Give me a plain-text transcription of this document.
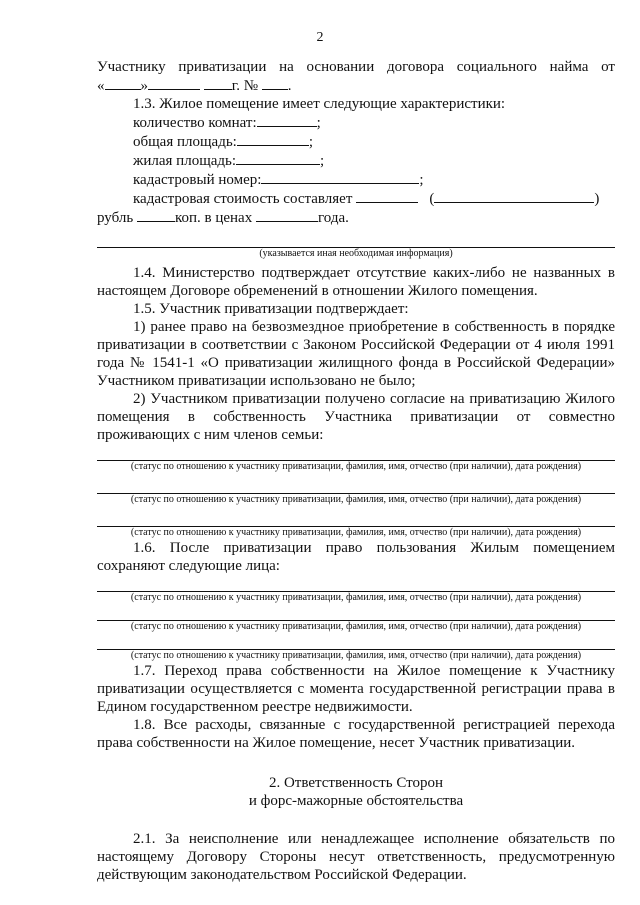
2

Участнику приватизации на основании договора социального найма от

« »	г. № .

1.3. Жилое помещение имеет следующие характеристики:

количество комнат:	;

общая площадь:	;

жилая площадь:	;

кадастровый номер:	;

кадастровая стоимость составляет	(	)

рубль	коп. в ценах	года.

(указывается иная необходимая информация)

1.4. Министерство подтверждает отсутствие каких-либо не названных в настоящем Договоре обременений в отношении Жилого помещения.

1.5. Участник приватизации подтверждает:

1) ранее право на безвозмездное приобретение в собственность в порядке приватизации в соответствии с Законом Российской Федерации от 4 июля 1991 года № 1541-1 «О приватизации жилищного фонда в Российской Федерации» Участником приватизации использовано не было;

2) Участником приватизации получено согласие на приватизацию Жилого помещения в собственность Участника приватизации от совместно проживающих с ним членов семьи:

(статус по отношению к участнику приватизации, фамилия, имя, отчество (при наличии), дата рождения)
(статус по отношению к участнику приватизации, фамилия, имя, отчество (при наличии), дата рождения)
(статус по отношению к участнику приватизации, фамилия, имя, отчество (при наличии), дата рождения)

1.6. После приватизации право пользования Жилым помещением сохраняют следующие лица:

(статус по отношению к участнику приватизации, фамилия, имя, отчество (при наличии), дата рождения)
(статус по отношению к участнику приватизации, фамилия, имя, отчество (при наличии), дата рождения)
(статус по отношению к участнику приватизации, фамилия, имя, отчество (при наличии), дата рождения)

1.7. Переход права собственности на Жилое помещение к Участнику приватизации осуществляется с момента государственной регистрации права в Едином государственном реестре недвижимости.

1.8. Все расходы, связанные с государственной регистрацией перехода права собственности на Жилое помещение, несет Участник приватизации.

2. Ответственность Сторон
и форс-мажорные обстоятельства

2.1. За неисполнение или ненадлежащее исполнение обязательств по настоящему Договору Стороны несут ответственность, предусмотренную действующим законодательством Российской Федерации.
